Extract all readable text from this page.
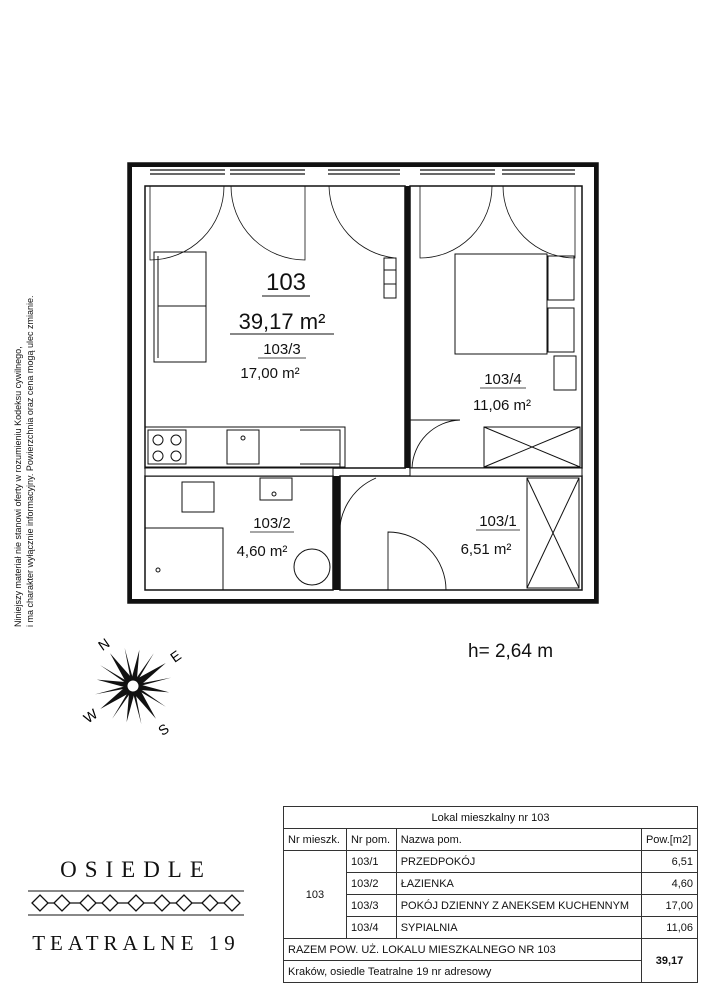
103
39,17 m²
103/3
17,00 m²	103/4
11,06 m²
103/2
4,60 m²
103/1
6,51 m²
N
E
S
W
Niniejszy materiał nie stanowi oferty w rozumieniu Kodeksu cywilnego, i ma charakter wyłącznie informacyjny. Powierzchnia oraz cena mogą ulec zmianie.
h= 2,64 m
OSIEDLE
TEATRALNE 19
Lokal mieszkalny nr 103			
Nr mieszk.	Nr pom.	Nazwa pom.	Pow.[m2]
103	103/1	PRZEDPOKÓJ	6,51
	103/2	ŁAZIENKA	4,60
	103/3	POKÓJ DZIENNY Z ANEKSEM KUCHENNYM	17,00
	103/4	SYPIALNIA	11,06
RAZEM POW. UŻ. LOKALU MIESZKALNEGO NR 103			39,17
Kraków, osiedle Teatralne 19 nr adresowy			
